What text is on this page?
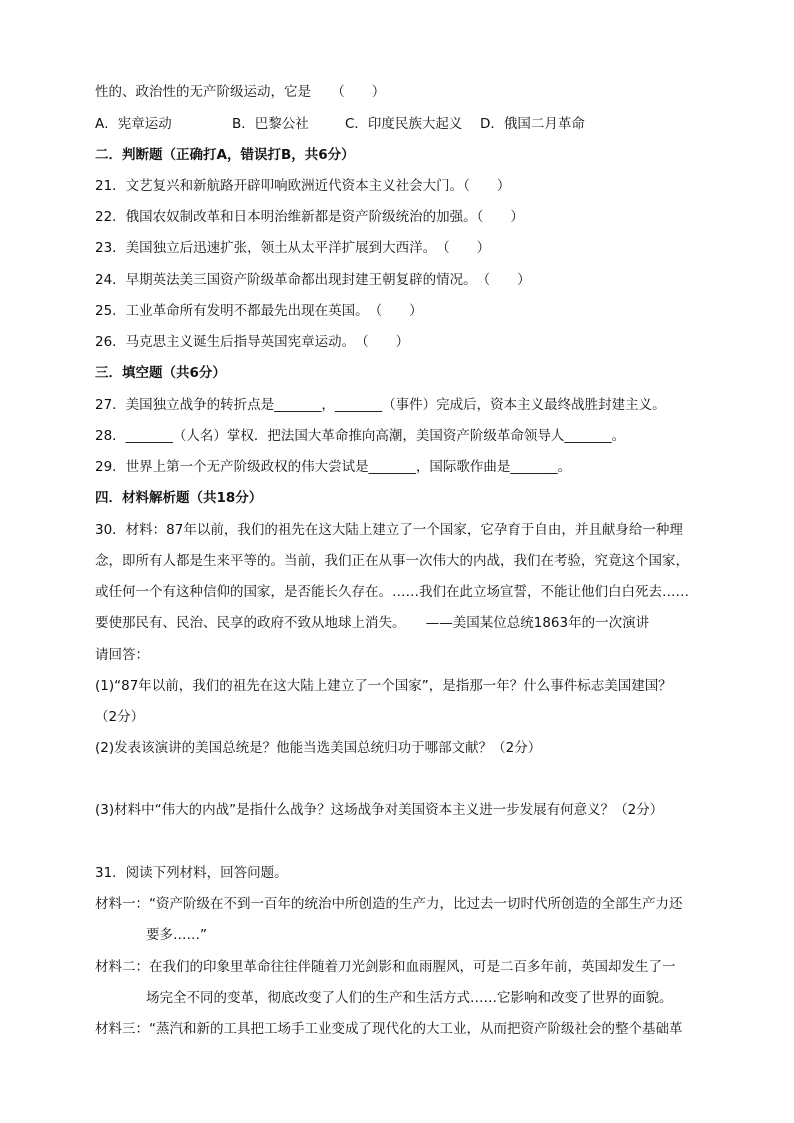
性的、政治性的无产阶级运动，它是　　（　　）
A．宪章运动	B．巴黎公社	C．印度民族大起义 D．俄国二月革命
二．判断题（正确打A，错误打B，共6分）
21．文艺复兴和新航路开辟叩响欧洲近代资本主义社会大门。（　　）
22．俄国农奴制改革和日本明治维新都是资产阶级统治的加强。（　　）
23．美国独立后迅速扩张，领土从太平洋扩展到大西洋。　（　　）
24．早期英法美三国资产阶级革命都出现封建王朝复辟的情况。　（　　）
25．工业革命所有发明不都最先出现在英国。　（　　）
26．马克思主义诞生后指导英国宪章运动。　（　　）
三．填空题（共6分）
27．美国独立战争的转折点是_______，_______（事件）完成后，资本主义最终战胜封建主义。
28．_______（人名）掌权．把法国大革命推向高潮，美国资产阶级革命领导人_______。
29．世界上第一个无产阶级政权的伟大尝试是_______，国际歌作曲是_______。
四．材料解析题（共18分）
30．材料：87年以前，我们的祖先在这大陆上建立了一个国家，它孕育于自由，并且献身给一种理
念，即所有人都是生来平等的。当前，我们正在从事一次伟大的内战，我们在考验，究竟这个国家，
或任何一个有这种信仰的国家，是否能长久存在。……我们在此立场宣誓，不能让他们白白死去……
要使那民有、民治、民享的政府不致从地球上消失。　　——美国某位总统1863年的一次演讲
请回答：
(1)“87年以前，我们的祖先在这大陆上建立了一个国家”，是指那一年？什么事件标志美国建国？
（2分）
(2)发表该演讲的美国总统是？他能当选美国总统归功于哪部文献？（2分）
(3)材料中“伟大的内战”是指什么战争？这场战争对美国资本主义进一步发展有何意义？（2分）
31．阅读下列材料，回答问题。
材料一：“资产阶级在不到一百年的统治中所创造的生产力，比过去一切时代所创造的全部生产力还
要多……”
材料二：在我们的印象里革命往往伴随着刀光剑影和血雨腥风，可是二百多年前，英国却发生了一
场完全不同的变革，彻底改变了人们的生产和生活方式……它影响和改变了世界的面貌。
材料三：“蒸汽和新的工具把工场手工业变成了现代化的大工业，从而把资产阶级社会的整个基础革
